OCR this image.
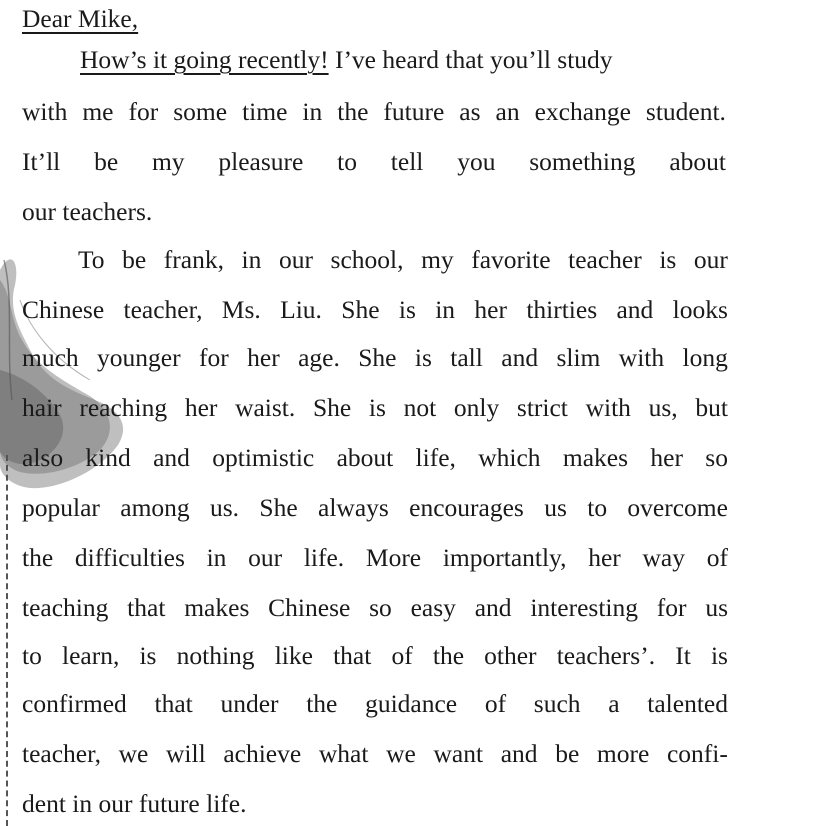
Dear Mike,
How’s it going recently! I’ve heard that you’ll study
with me for some time in the future as an exchange student.
It’ll be my pleasure to tell you something about
our teachers.
To be frank, in our school, my favorite teacher is our
Chinese teacher, Ms. Liu. She is in her thirties and looks
much younger for her age. She is tall and slim with long
hair reaching her waist. She is not only strict with us, but
also kind and optimistic about life, which makes her so
popular among us. She always encourages us to overcome
the difficulties in our life. More importantly, her way of
teaching that makes Chinese so easy and interesting for us
to learn, is nothing like that of the other teachers’. It is
confirmed that under the guidance of such a talented
teacher, we will achieve what we want and be more confi-
dent in our future life.
